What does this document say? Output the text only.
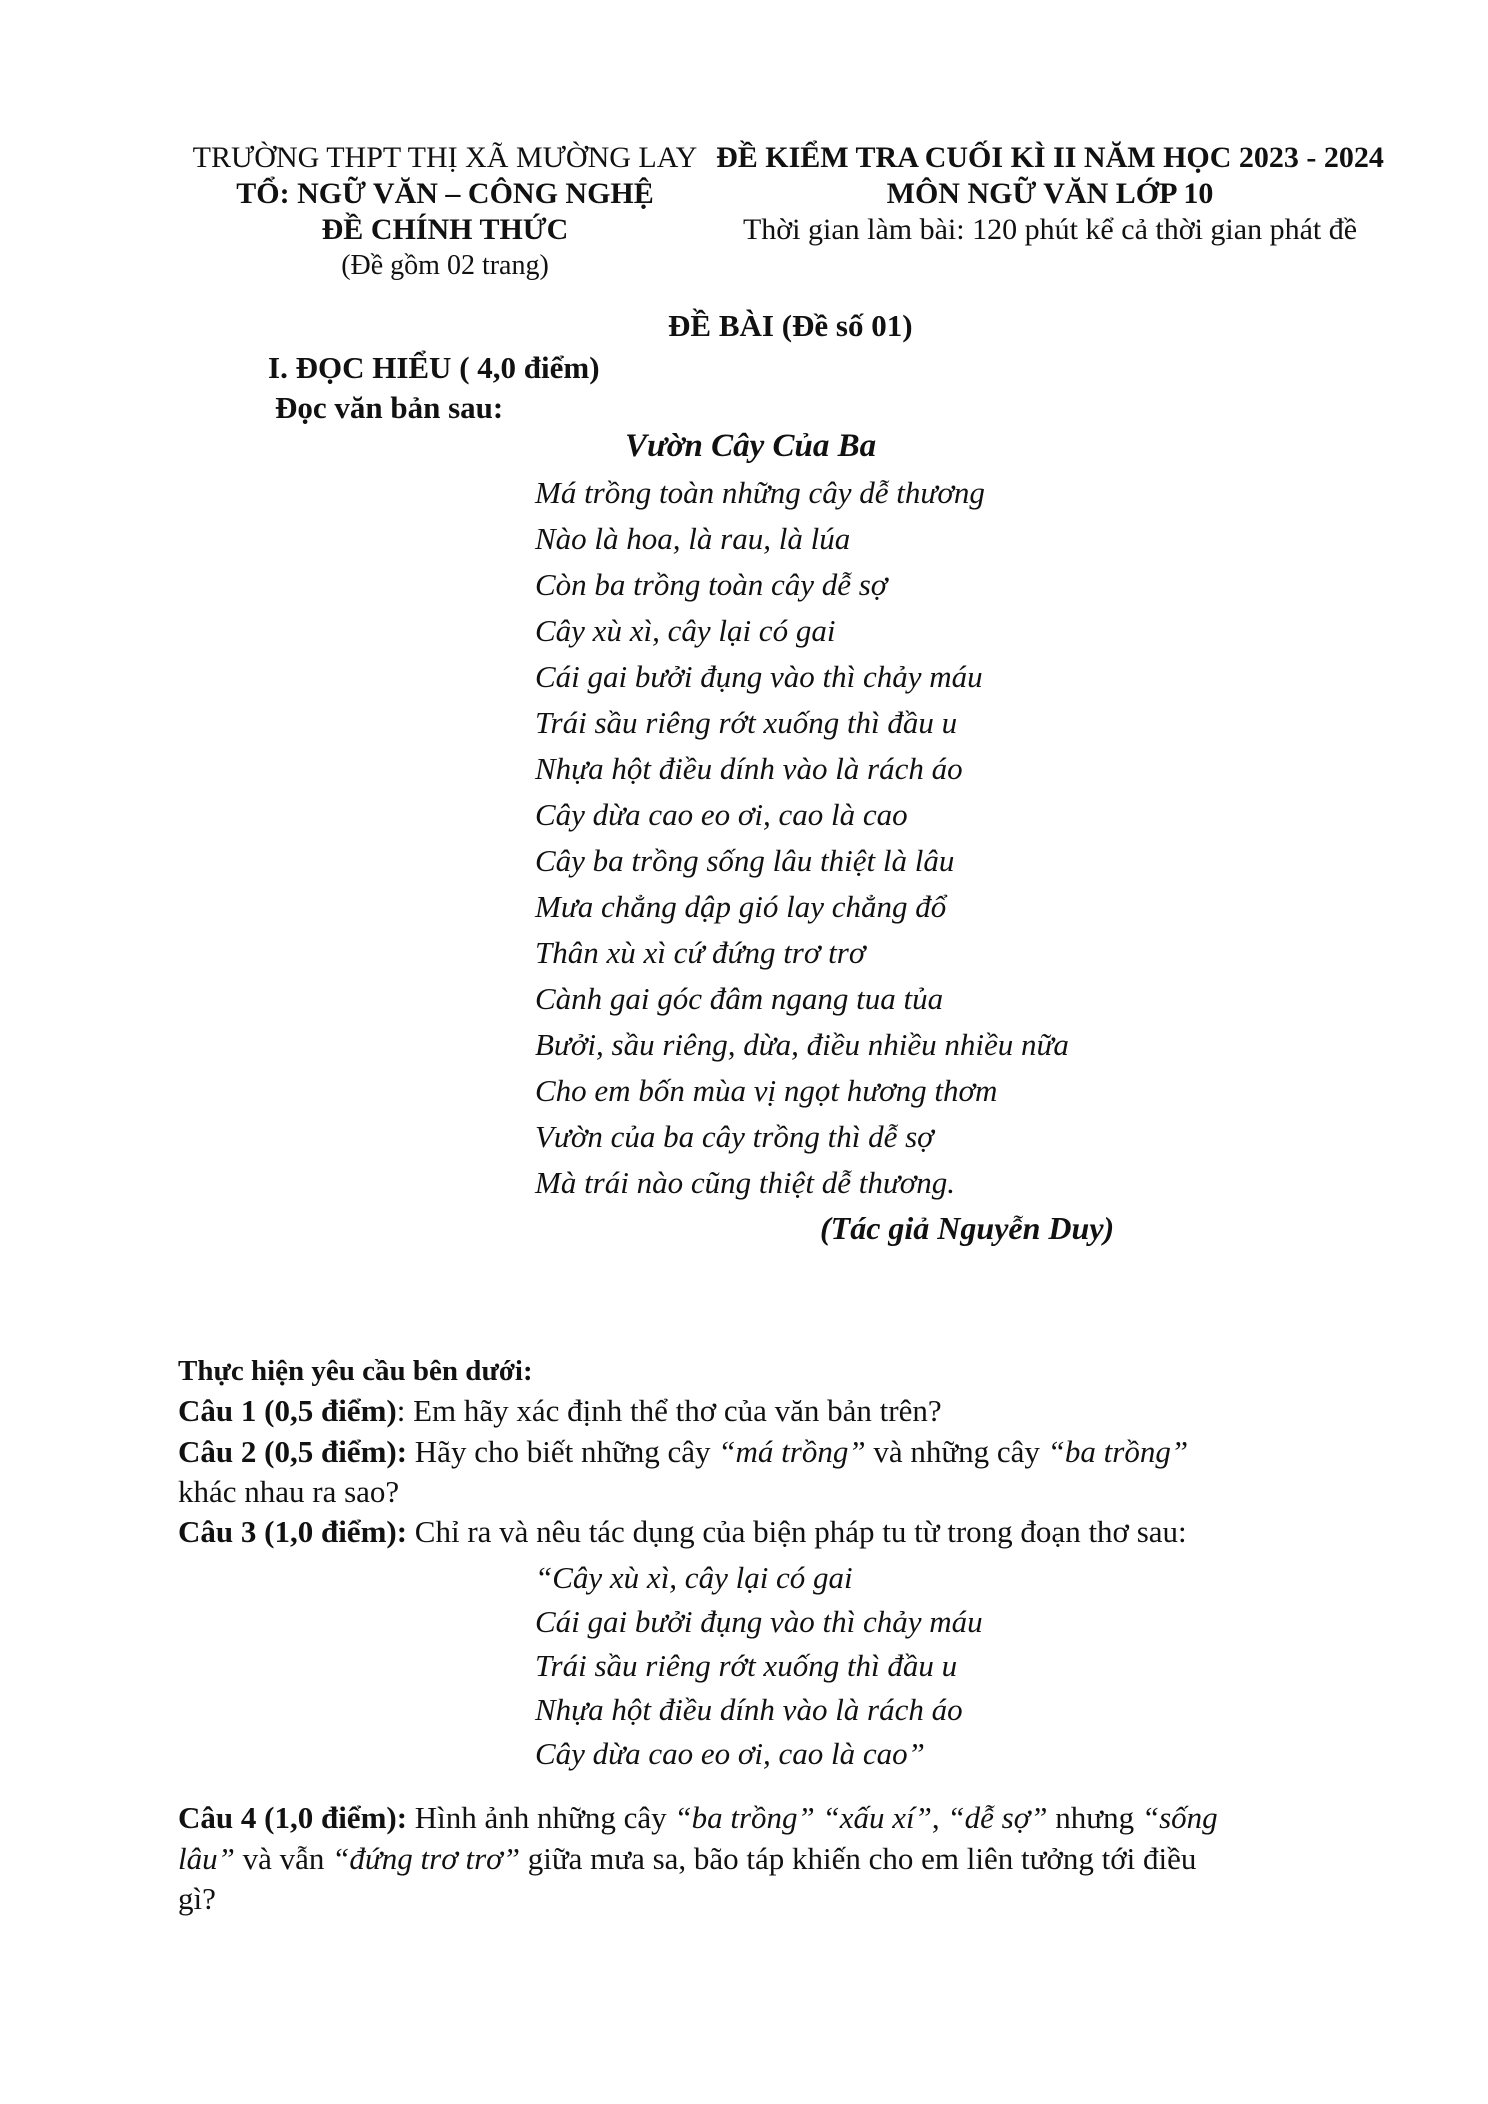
TRƯỜNG THPT THỊ XÃ MƯỜNG LAY
TỔ: NGỮ VĂN – CÔNG NGHỆ
ĐỀ CHÍNH THỨC
(Đề gồm 02 trang)
ĐỀ KIỂM TRA CUỐI KÌ II NĂM HỌC 2023 - 2024
MÔN NGỮ VĂN LỚP 10
Thời gian làm bài: 120 phút kể cả thời gian phát đề
ĐỀ BÀI (Đề số 01)
I. ĐỌC HIỂU ( 4,0 điểm)
Đọc văn bản sau:
Vườn Cây Của Ba
Má trồng toàn những cây dễ thương
Nào là hoa, là rau, là lúa
Còn ba trồng toàn cây dễ sợ
Cây xù xì, cây lại có gai
Cái gai bưởi đụng vào thì chảy máu
Trái sầu riêng rớt xuống thì đầu u
Nhựa hột điều dính vào là rách áo
Cây dừa cao eo ơi, cao là cao
Cây ba trồng sống lâu thiệt là lâu
Mưa chẳng dập gió lay chẳng đổ
Thân xù xì cứ đứng trơ trơ
Cành gai góc đâm ngang tua tủa
Bưởi, sầu riêng, dừa, điều nhiều nhiều nữa
Cho em bốn mùa vị ngọt hương thơm
Vườn của ba cây trồng thì dễ sợ
Mà trái nào cũng thiệt dễ thương.
(Tác giả Nguyễn Duy)
Thực hiện yêu cầu bên dưới:
Câu 1 (0,5 điểm): Em hãy xác định thể thơ của văn bản trên?
Câu 2 (0,5 điểm): Hãy cho biết những cây “má trồng” và những cây “ba trồng”
khác nhau ra sao?
Câu 3 (1,0 điểm): Chỉ ra và nêu tác dụng của biện pháp tu từ trong đoạn thơ sau:
“Cây xù xì, cây lại có gai
Cái gai bưởi đụng vào thì chảy máu
Trái sầu riêng rớt xuống thì đầu u
Nhựa hột điều dính vào là rách áo
Cây dừa cao eo ơi, cao là cao”
Câu 4 (1,0 điểm): Hình ảnh những cây “ba trồng” “xấu xí”, “dễ sợ” nhưng “sống
lâu” và vẫn “đứng trơ trơ” giữa mưa sa, bão táp khiến cho em liên tưởng tới điều
gì?
